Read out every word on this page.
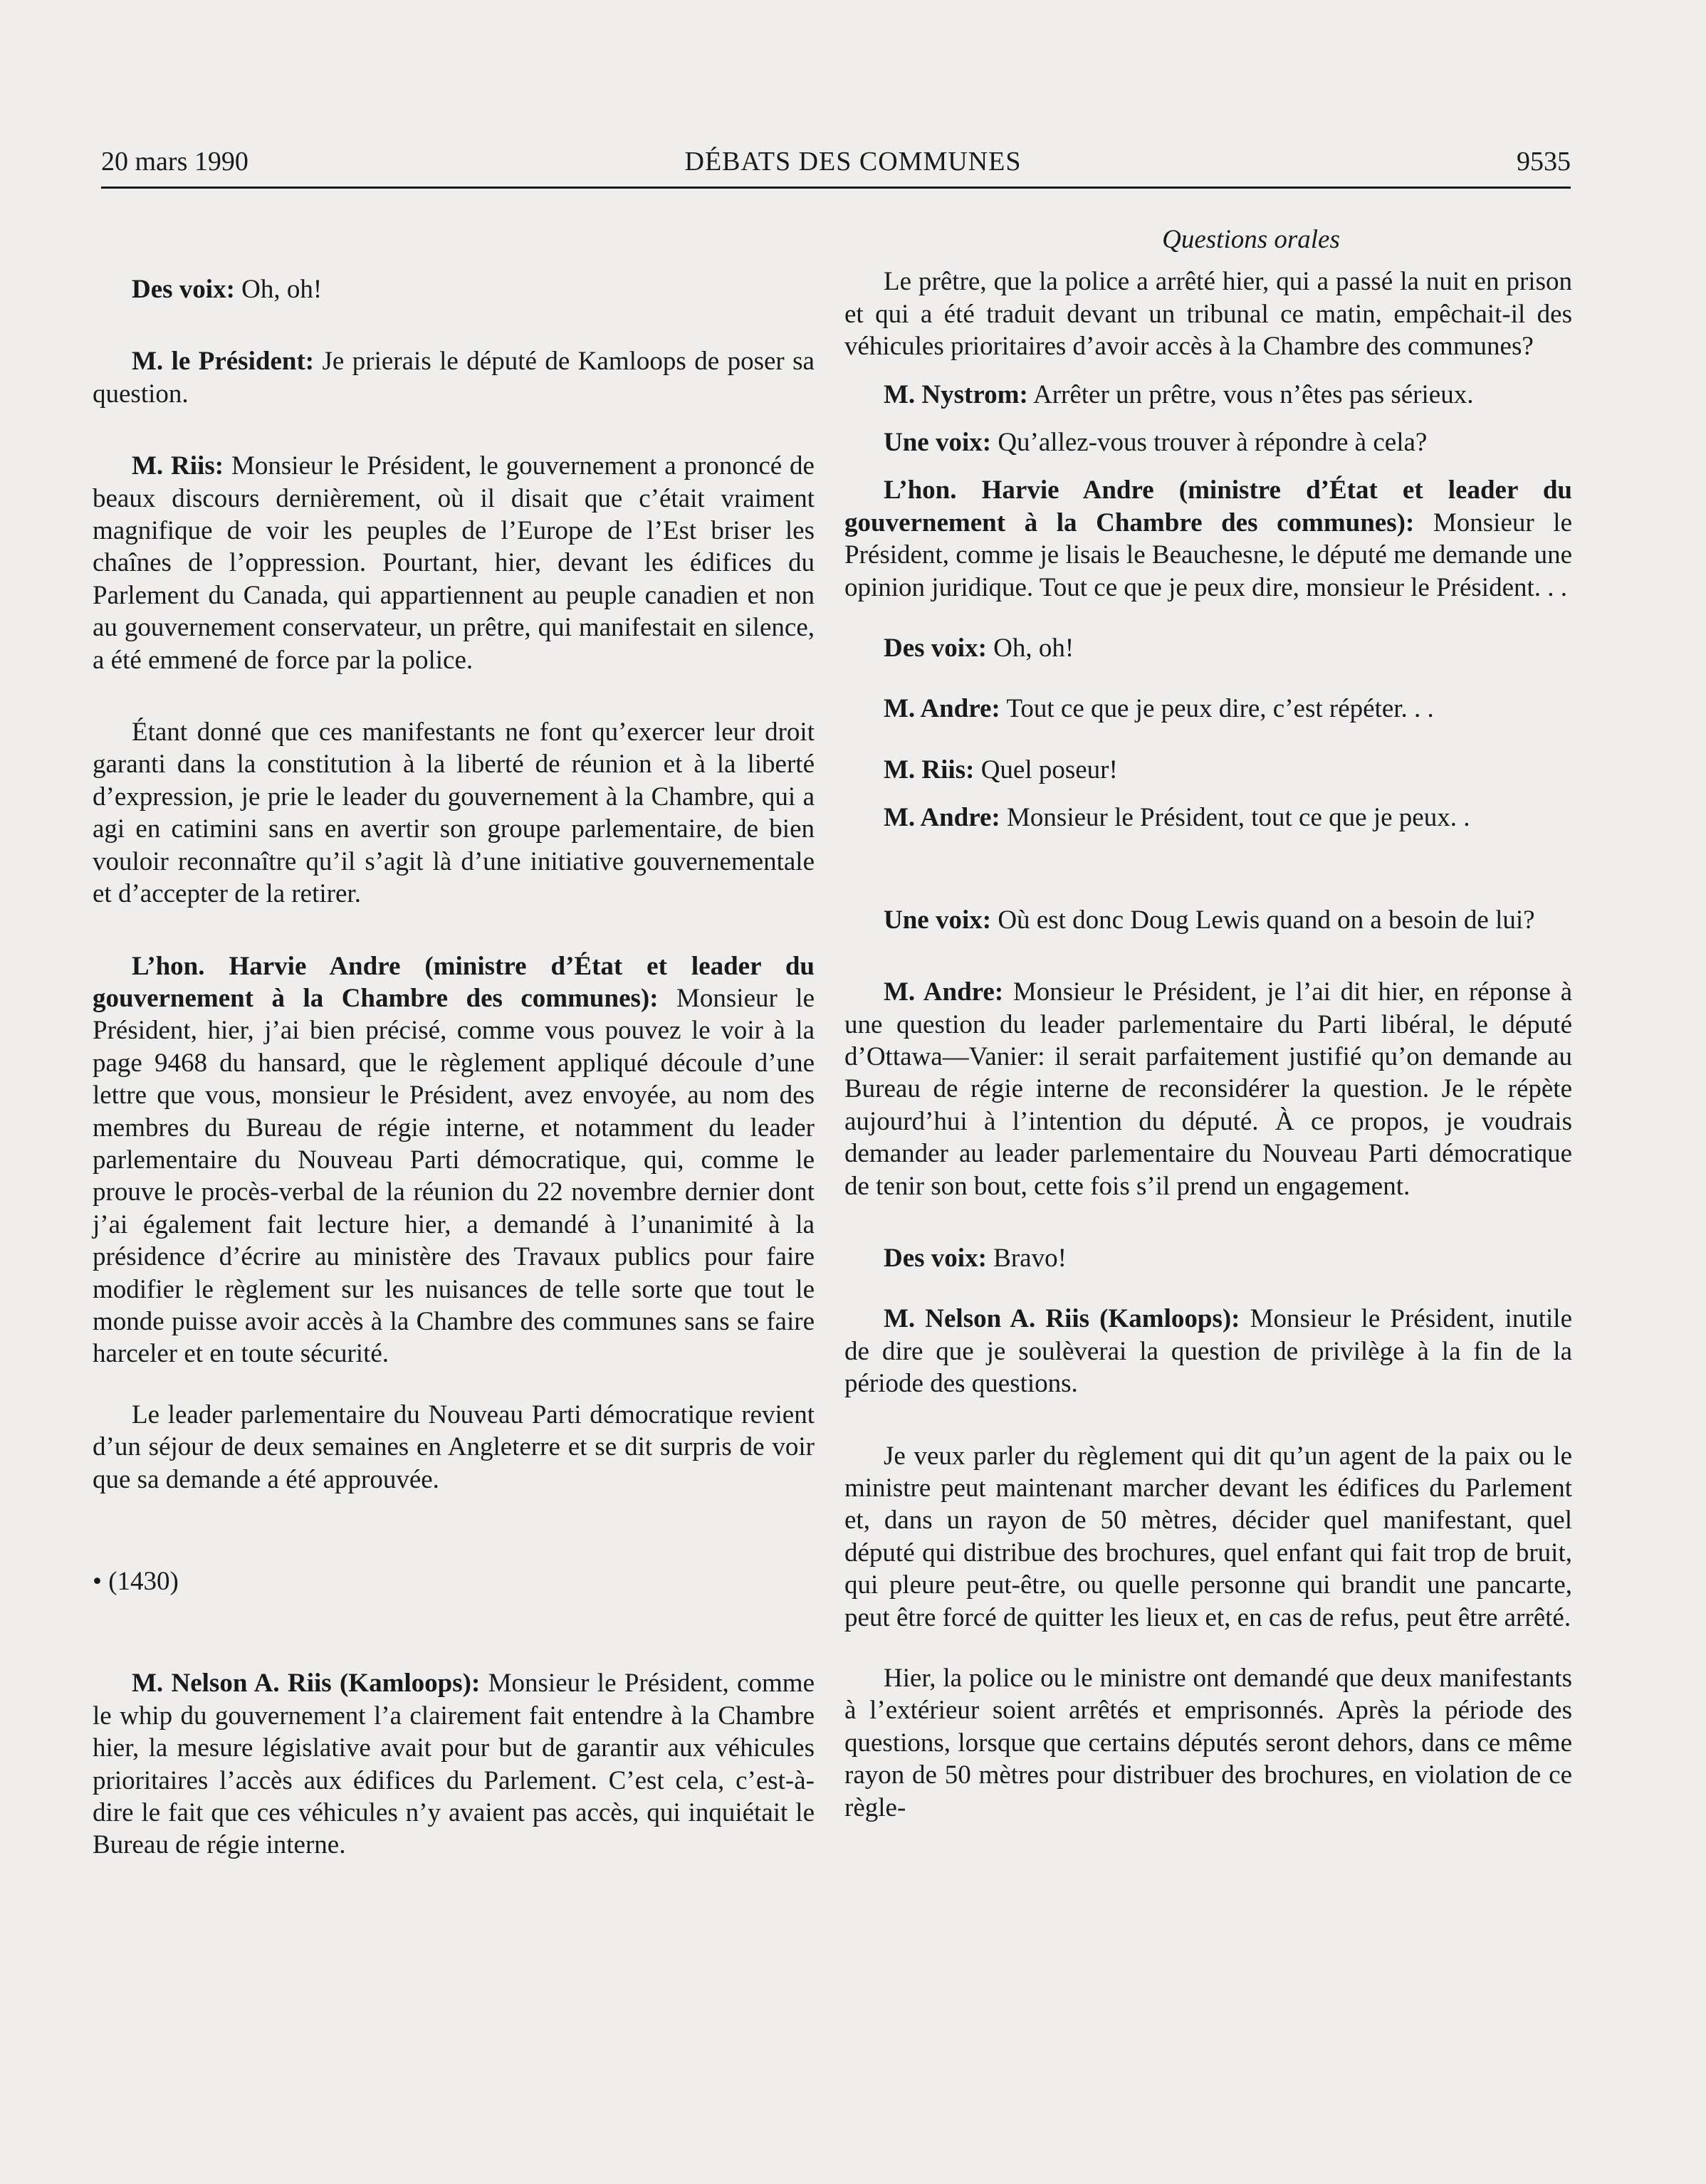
DÉBATS DES COMMUNES
20 mars 1990	9535

Des voix: Oh, oh!

M. le Président: Je prierais le député de Kamloops de poser sa question.

M. Riis: Monsieur le Président, le gouvernement a prononcé de beaux discours dernièrement, où il disait que c’était vraiment magnifique de voir les peuples de l’Europe de l’Est briser les chaînes de l’oppression. Pourtant, hier, devant les édifices du Parlement du Canada, qui appartiennent au peuple canadien et non au gouvernement conservateur, un prêtre, qui manifestait en silence, a été emmené de force par la police.

Étant donné que ces manifestants ne font qu’exercer leur droit garanti dans la constitution à la liberté de réunion et à la liberté d’expression, je prie le leader du gouvernement à la Chambre, qui a agi en catimini sans en avertir son groupe parlementaire, de bien vouloir reconnaître qu’il s’agit là d’une initiative gouvernementale et d’accepter de la retirer.

L’hon. Harvie Andre (ministre d’État et leader du gouvernement à la Chambre des communes): Monsieur le Président, hier, j’ai bien précisé, comme vous pouvez le voir à la page 9468 du hansard, que le règlement appliqué découle d’une lettre que vous, monsieur le Président, avez envoyée, au nom des membres du Bureau de régie interne, et notamment du leader parlementaire du Nouveau Parti démocratique, qui, comme le prouve le procès-verbal de la réunion du 22 novembre dernier dont j’ai également fait lecture hier, a demandé à l’unanimité à la présidence d’écrire au ministère des Travaux publics pour faire modifier le règlement sur les nuisances de telle sorte que tout le monde puisse avoir accès à la Chambre des communes sans se faire harceler et en toute sécurité.

Le leader parlementaire du Nouveau Parti démocratique revient d’un séjour de deux semaines en Angleterre et se dit surpris de voir que sa demande a été approuvée.

• (1430)

M. Nelson A. Riis (Kamloops): Monsieur le Président, comme le whip du gouvernement l’a clairement fait entendre à la Chambre hier, la mesure législative avait pour but de garantir aux véhicules prioritaires l’accès aux édifices du Parlement. C’est cela, c’est-à-dire le fait que ces véhicules n’y avaient pas accès, qui inquiétait le Bureau de régie interne.

Questions orales

Le prêtre, que la police a arrêté hier, qui a passé la nuit en prison et qui a été traduit devant un tribunal ce matin, empêchait-il des véhicules prioritaires d’avoir accès à la Chambre des communes?

M. Nystrom: Arrêter un prêtre, vous n’êtes pas sérieux.

Une voix: Qu’allez-vous trouver à répondre à cela?

L’hon. Harvie Andre (ministre d’État et leader du gouvernement à la Chambre des communes): Monsieur le Président, comme je lisais le Beauchesne, le député me demande une opinion juridique. Tout ce que je peux dire, monsieur le Président. . .

Des voix: Oh, oh!

M. Andre: Tout ce que je peux dire, c’est répéter. . .

M. Riis: Quel poseur!

M. Andre: Monsieur le Président, tout ce que je peux. .

Une voix: Où est donc Doug Lewis quand on a besoin de lui?

M. Andre: Monsieur le Président, je l’ai dit hier, en réponse à une question du leader parlementaire du Parti libéral, le député d’Ottawa—Vanier: il serait parfaitement justifié qu’on demande au Bureau de régie interne de reconsidérer la question. Je le répète aujourd’hui à l’intention du député. À ce propos, je voudrais demander au leader parlementaire du Nouveau Parti démocratique de tenir son bout, cette fois s’il prend un engagement.

Des voix: Bravo!

M. Nelson A. Riis (Kamloops): Monsieur le Président, inutile de dire que je soulèverai la question de privilège à la fin de la période des questions.

Je veux parler du règlement qui dit qu’un agent de la paix ou le ministre peut maintenant marcher devant les édifices du Parlement et, dans un rayon de 50 mètres, décider quel manifestant, quel député qui distribue des brochures, quel enfant qui fait trop de bruit, qui pleure peut-être, ou quelle personne qui brandit une pancarte, peut être forcé de quitter les lieux et, en cas de refus, peut être arrêté.

Hier, la police ou le ministre ont demandé que deux manifestants à l’extérieur soient arrêtés et emprisonnés. Après la période des questions, lorsque que certains députés seront dehors, dans ce même rayon de 50 mètres pour distribuer des brochures, en violation de ce règle-
